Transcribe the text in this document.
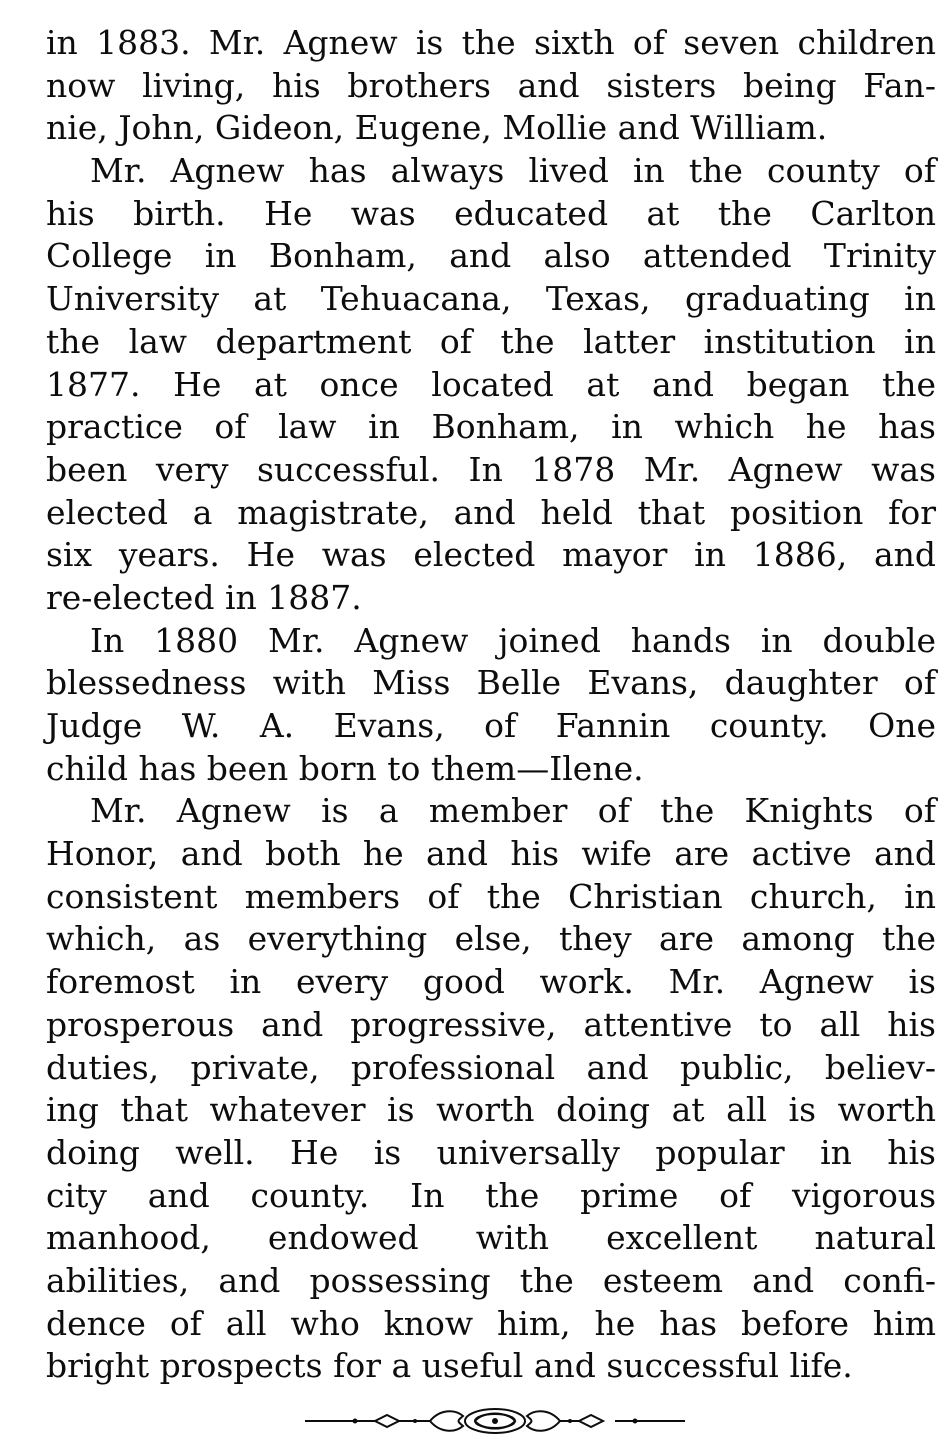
in 1883. Mr. Agnew is the sixth of seven children
now living, his brothers and sisters being Fan-
nie, John, Gideon, Eugene, Mollie and William.
Mr. Agnew has always lived in the county of
his birth. He was educated at the Carlton
College in Bonham, and also attended Trinity
University at Tehuacana, Texas, graduating in
the law department of the latter institution in
1877. He at once located at and began the
practice of law in Bonham, in which he has
been very successful. In 1878 Mr. Agnew was
elected a magistrate, and held that position for
six years. He was elected mayor in 1886, and
re-elected in 1887.
In 1880 Mr. Agnew joined hands in double
blessedness with Miss Belle Evans, daughter of
Judge W. A. Evans, of Fannin county. One
child has been born to them—Ilene.
Mr. Agnew is a member of the Knights of
Honor, and both he and his wife are active and
consistent members of the Christian church, in
which, as everything else, they are among the
foremost in every good work. Mr. Agnew is
prosperous and progressive, attentive to all his
duties, private, professional and public, believ-
ing that whatever is worth doing at all is worth
doing well. He is universally popular in his
city and county. In the prime of vigorous
manhood, endowed with excellent natural
abilities, and possessing the esteem and confi-
dence of all who know him, he has before him
bright prospects for a useful and successful life.
